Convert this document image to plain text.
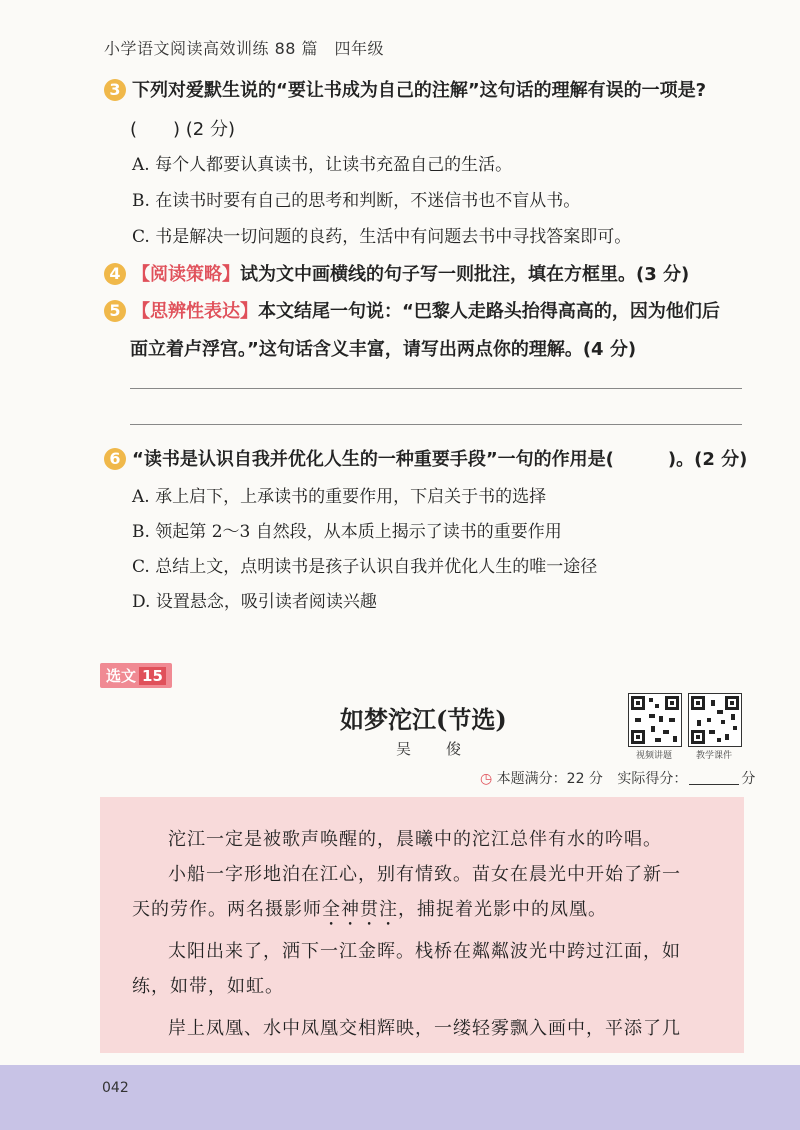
小学语文阅读高效训练 88 篇　四年级
3 下列对爱默生说的“要让书成为自己的注解”这句话的理解有误的一项是?
(　　) (2 分)
A. 每个人都要认真读书，让读书充盈自己的生活。
B. 在读书时要有自己的思考和判断，不迷信书也不盲从书。
C. 书是解决一切问题的良药，生活中有问题去书中寻找答案即可。
4 【阅读策略】试为文中画横线的句子写一则批注，填在方框里。(3 分)
5 【思辨性表达】本文结尾一句说：“巴黎人走路头抬得高高的，因为他们后
面立着卢浮宫。”这句话含义丰富，请写出两点你的理解。(4 分)
6 “读书是认识自我并优化人生的一种重要手段”一句的作用是(　　　)。(2 分)
A. 承上启下，上承读书的重要作用，下启关于书的选择
B. 领起第 2～3 自然段，从本质上揭示了读书的重要作用
C. 总结上文，点明读书是孩子认识自我并优化人生的唯一途径
D. 设置悬念，吸引读者阅读兴趣
选文 15
如梦沱江(节选)
吴　俊	视频讲题	教学课件
◷ 本题满分：22 分 实际得分：	分
沱江一定是被歌声唤醒的，晨曦中的沱江总伴有水的吟唱。
小船一字形地泊在江心，别有情致。苗女在晨光中开始了新一
天的劳作。两名摄影师全神贯注，捕捉着光影中的凤凰。
太阳出来了，洒下一江金晖。栈桥在粼粼波光中跨过江面，如
练，如带，如虹。
岸上凤凰、水中凤凰交相辉映，一缕轻雾飘入画中，平添了几
042
